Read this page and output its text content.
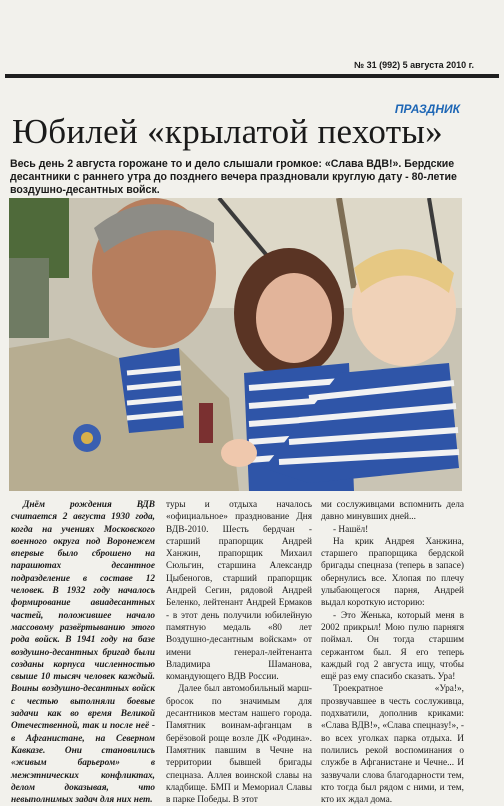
№ 31 (992) 5 августа 2010 г.
ПРАЗДНИК
Юбилей «крылатой пехоты»
Весь день 2 августа горожане то и дело слышали громкое: «Слава ВДВ!». Бердские десантники с раннего утра до позднего вечера праздновали круглую дату - 80-летие воздушно-десантных войск.

Днём рождения ВДВ считается 2 августа 1930 года, когда на учениях Московского военного округа под Воронежем впервые было сброшено на парашютах десантное подразделение в составе 12 человек. В 1932 году началось формирование авиадесантных частей, положившее начало массовому развёртыванию этого рода войск. В 1941 году на базе воздушно-десантных бригад были созданы корпуса численностью свыше 10 тысяч человек каждый. Воины воздушно-десантных войск с честью выполняли боевые задачи как во время Великой Отечественной, так и после неё - в Афганистане, на Северном Кавказе. Они становились «живым барьером» в межэтнических конфликтах, делом доказывая, что невыполнимых задач для них нет.

туры и отдыха началось «официальное» празднование Дня ВДВ-2010. Шесть бердчан - старший прапорщик Андрей Ханжин, прапорщик Михаил Сюльгин, старшина Александр Цыбеногов, старший прапорщик Андрей Сегин, рядовой Андрей Беленко, лейтенант Андрей Ермаков - в этот день получили юбилейную памятную медаль «80 лет Воздушно-десантным войскам» от имени генерал-лейтенанта Владимира Шаманова, командующего ВДВ России.

Далее был автомобильный марш-бросок по значимым для десантников местам нашего города. Памятник воинам-афганцам в берёзовой роще возле ДК «Родина». Памятник павшим в Чечне на территории бывшей бригады спецназа. Аллея воинской славы на кладбище. БМП и Мемориал Славы в парке Победы. В этот

ми сослуживцами вспомнить дела давно минувших дней...

- Нашёл!

На крик Андрея Ханжина, старшего прапорщика бердской бригады спецназа (теперь в запасе) обернулись все. Хлопая по плечу улыбающегося парня, Андрей выдал короткую историю:

- Это Женька, который меня в 2002 прикрыл! Мою пулю парнягя поймал. Он тогда старшим сержантом был. Я его теперь каждый год 2 августа ищу, чтобы ещё раз ему спасибо сказать. Ура!

Троекратное «Ура!», прозвучавшее в честь сослуживца, подхватили, дополнив криками: «Слава ВДВ!», «Слава спецназу!», - во всех уголках парка отдыха. И полились рекой воспоминания о службе в Афганистане и Чечне... И зазвучали слова благодарности тем, кто тогда был рядом с ними, и тем, кто их ждал дома.
